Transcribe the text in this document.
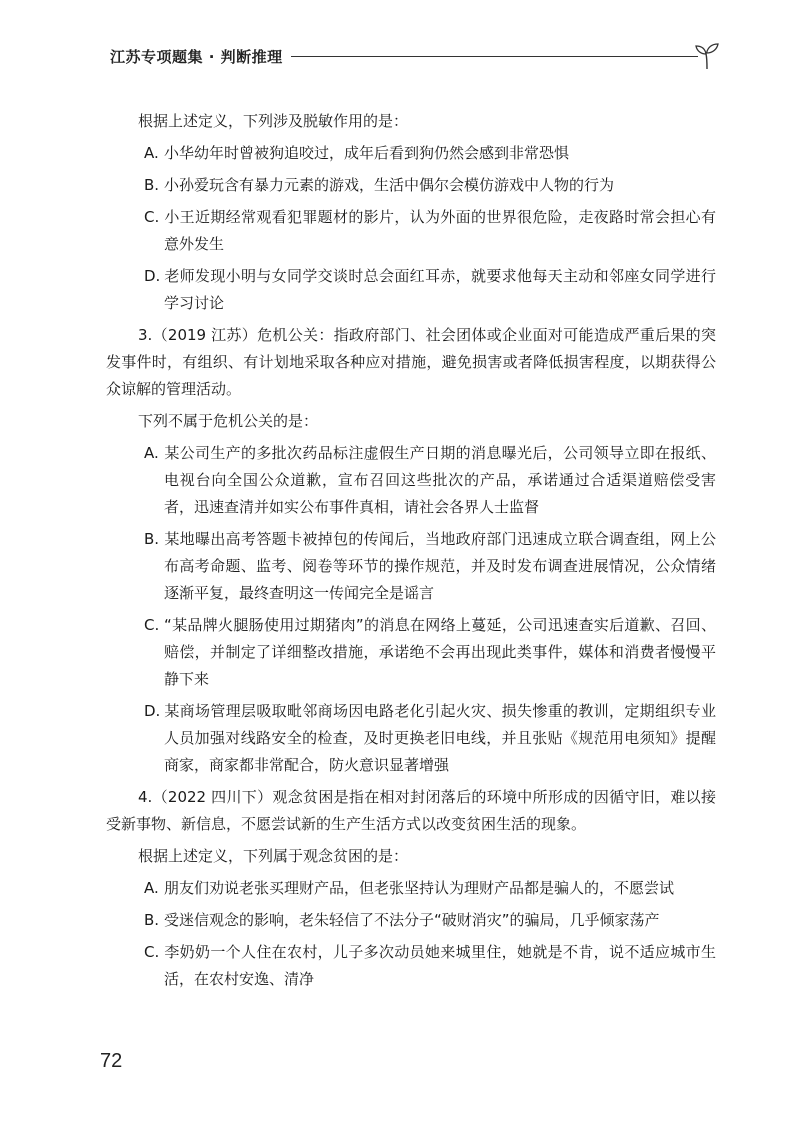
江苏专项题集 · 判断推理

根据上述定义，下列涉及脱敏作用的是：

A. 小华幼年时曾被狗追咬过，成年后看到狗仍然会感到非常恐惧

B. 小孙爱玩含有暴力元素的游戏，生活中偶尔会模仿游戏中人物的行为

C. 小王近期经常观看犯罪题材的影片，认为外面的世界很危险，走夜路时常会担心有意外发生

D. 老师发现小明与女同学交谈时总会面红耳赤，就要求他每天主动和邻座女同学进行学习讨论

3.（2019 江苏）危机公关：指政府部门、社会团体或企业面对可能造成严重后果的突发事件时，有组织、有计划地采取各种应对措施，避免损害或者降低损害程度，以期获得公众谅解的管理活动。

下列不属于危机公关的是：

A. 某公司生产的多批次药品标注虚假生产日期的消息曝光后，公司领导立即在报纸、电视台向全国公众道歉，宣布召回这些批次的产品，承诺通过合适渠道赔偿受害者，迅速查清并如实公布事件真相，请社会各界人士监督

B. 某地曝出高考答题卡被掉包的传闻后，当地政府部门迅速成立联合调查组，网上公布高考命题、监考、阅卷等环节的操作规范，并及时发布调查进展情况，公众情绪逐渐平复，最终查明这一传闻完全是谣言

C. “某品牌火腿肠使用过期猪肉”的消息在网络上蔓延，公司迅速查实后道歉、召回、赔偿，并制定了详细整改措施，承诺绝不会再出现此类事件，媒体和消费者慢慢平静下来

D. 某商场管理层吸取毗邻商场因电路老化引起火灾、损失惨重的教训，定期组织专业人员加强对线路安全的检查，及时更换老旧电线，并且张贴《规范用电须知》提醒商家，商家都非常配合，防火意识显著增强

4.（2022 四川下）观念贫困是指在相对封闭落后的环境中所形成的因循守旧，难以接受新事物、新信息，不愿尝试新的生产生活方式以改变贫困生活的现象。

根据上述定义，下列属于观念贫困的是：

A. 朋友们劝说老张买理财产品，但老张坚持认为理财产品都是骗人的，不愿尝试

B. 受迷信观念的影响，老朱轻信了不法分子“破财消灾”的骗局，几乎倾家荡产

C. 李奶奶一个人住在农村，儿子多次动员她来城里住，她就是不肯，说不适应城市生活，在农村安逸、清净

72
